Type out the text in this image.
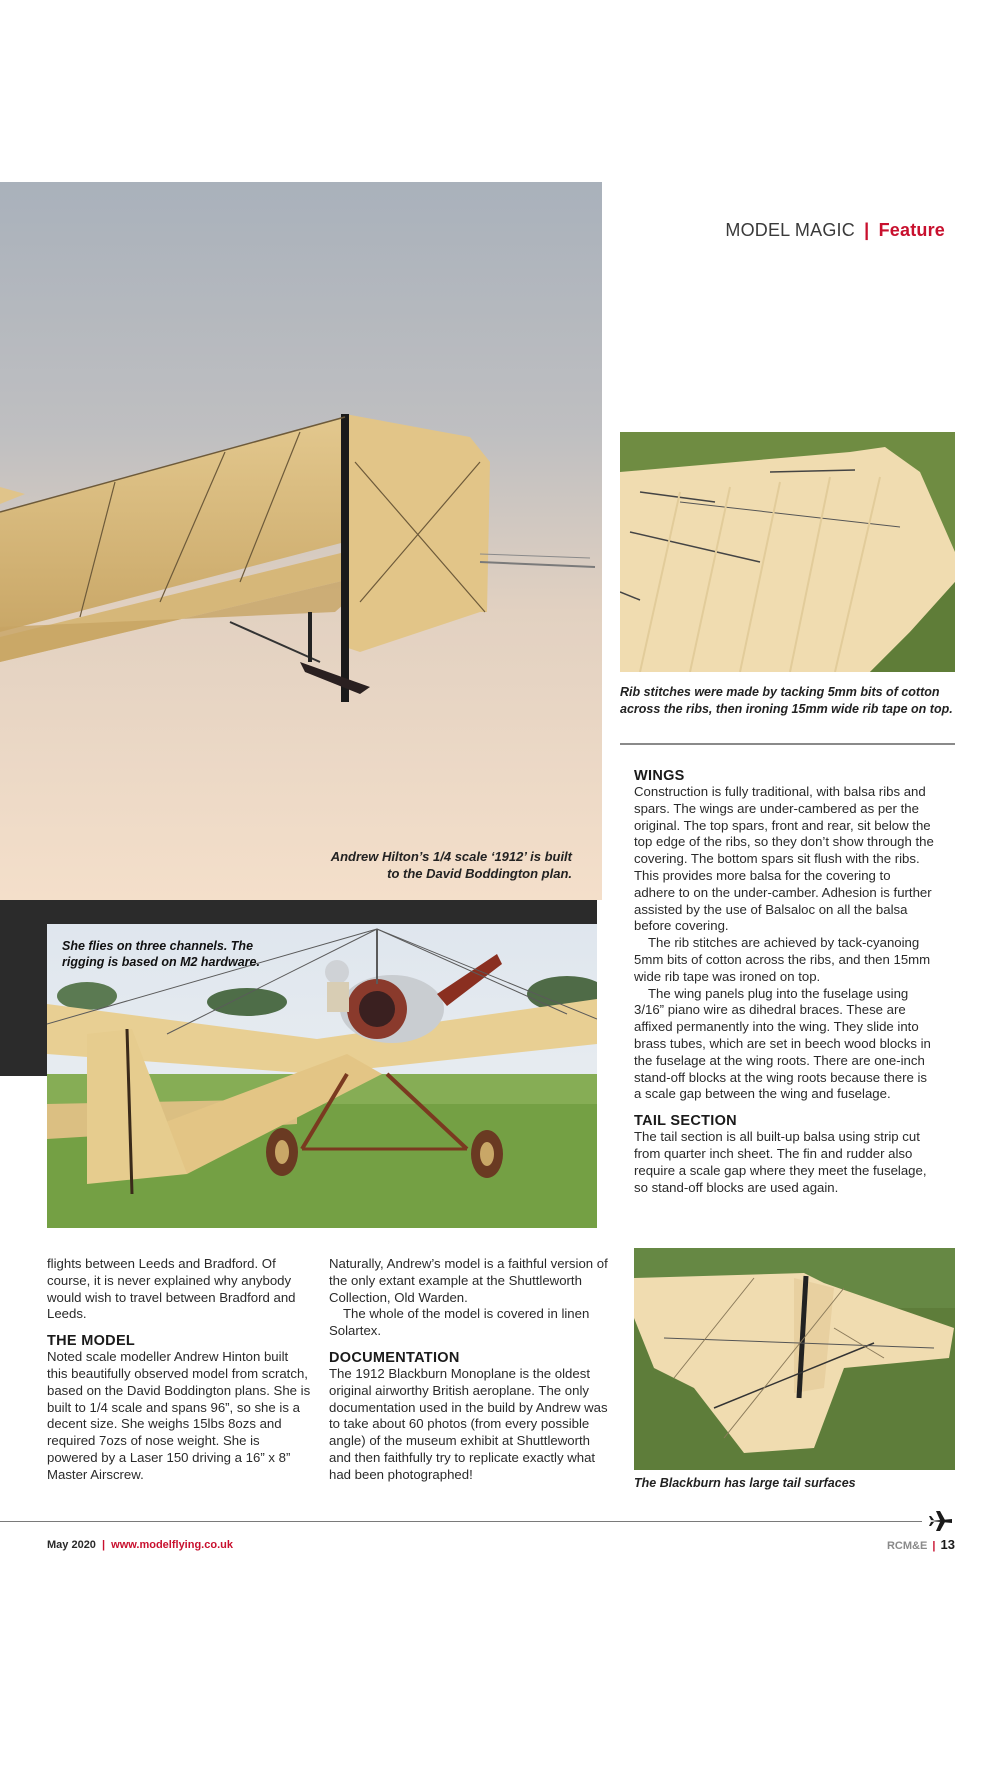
MODEL MAGIC | Feature
Andrew Hilton’s 1/4 scale ‘1912’ is built to the David Boddington plan.
She flies on three channels. The rigging is based on M2 hardware.
Rib stitches were made by tacking 5mm bits of cotton across the ribs, then ironing 15mm wide rib tape on top.
WINGS

Construction is fully traditional, with balsa ribs and spars. The wings are under-cambered as per the original. The top spars, front and rear, sit below the top edge of the ribs, so they don’t show through the covering. The bottom spars sit flush with the ribs. This provides more balsa for the covering to adhere to on the under-camber. Adhesion is further assisted by the use of Balsaloc on all the balsa before covering.

The rib stitches are achieved by tack-cyanoing 5mm bits of cotton across the ribs, and then 15mm wide rib tape was ironed on top.

The wing panels plug into the fuselage using 3/16” piano wire as dihedral braces. These are affixed permanently into the wing. They slide into brass tubes, which are set in beech wood blocks in the fuselage at the wing roots. There are one-inch stand-off blocks at the wing roots because there is a scale gap between the wing and fuselage.

TAIL SECTION

The tail section is all built-up balsa using strip cut from quarter inch sheet. The fin and rudder also require a scale gap where they meet the fuselage, so stand-off blocks are used again.

flights between Leeds and Bradford. Of course, it is never explained why anybody would wish to travel between Bradford and Leeds.

THE MODEL

Noted scale modeller Andrew Hinton built this beautifully observed model from scratch, based on the David Boddington plans. She is built to 1/4 scale and spans 96”, so she is a decent size. She weighs 15lbs 8ozs and required 7ozs of nose weight. She is powered by a Laser 150 driving a 16” x 8” Master Airscrew.

Naturally, Andrew’s model is a faithful version of the only extant example at the Shuttleworth Collection, Old Warden.

The whole of the model is covered in linen Solartex.

DOCUMENTATION

The 1912 Blackburn Monoplane is the oldest original airworthy British aeroplane. The only documentation used in the build by Andrew was to take about 60 photos (from every possible angle) of the museum exhibit at Shuttleworth and then faithfully try to replicate exactly what had been photographed!

The Blackburn has large tail surfaces
May 2020 | www.modelflying.co.uk	RCM&E | 13
